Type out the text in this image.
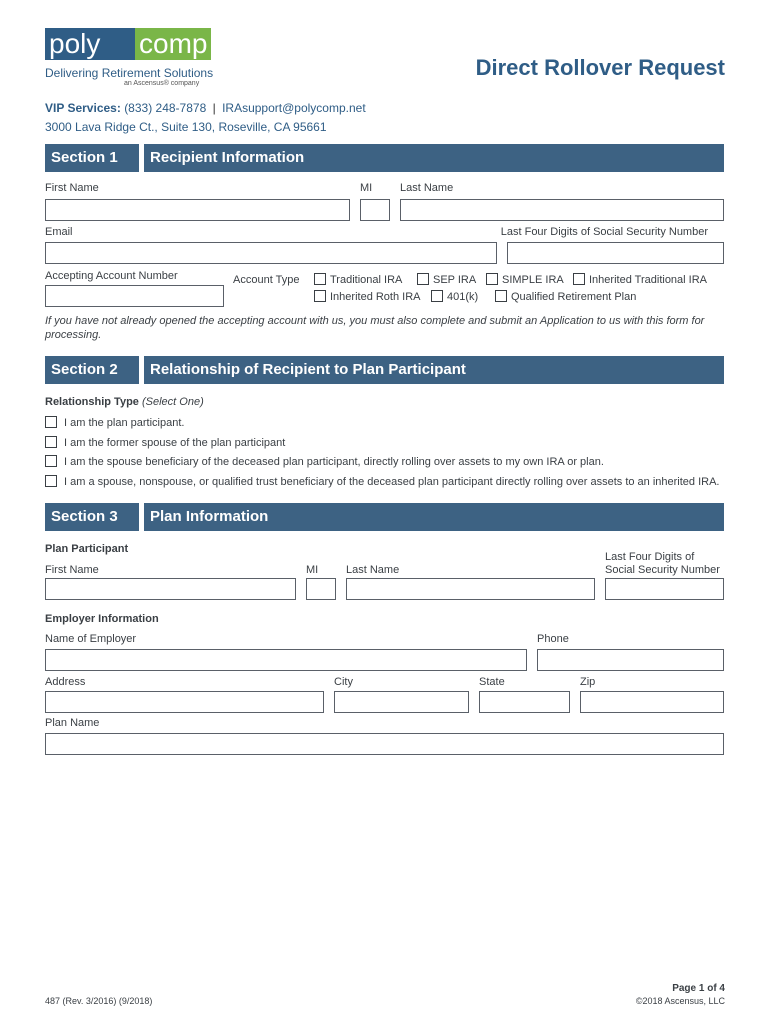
poly	comp
Delivering Retirement Solutions
an Ascensus® company
Direct Rollover Request
VIP Services: (833) 248-7878 | IRAsupport@polycomp.net
3000 Lava Ridge Ct., Suite 130, Roseville, CA 95661
Section 1	Recipient Information
First Name	MI	Last Name
Email	Last Four Digits of Social Security Number
Accepting Account Number	Account Type	Traditional IRA	SEP IRA SIMPLE IRA Inherited Traditional IRA
Inherited Roth IRA 401(k)	Qualified Retirement Plan
If you have not already opened the accepting account with us, you must also complete and submit an Application to us with this form for
processing.
Section 2	Relationship of Recipient to Plan Participant
Relationship Type (Select One)
I am the plan participant.
I am the former spouse of the plan participant
I am the spouse beneficiary of the deceased plan participant, directly rolling over assets to my own IRA or plan.
I am a spouse, nonspouse, or qualified trust beneficiary of the deceased plan participant directly rolling over assets to an inherited IRA.
Section 3	Plan Information
Plan Participant
First Name	MI	Last Name
Last Four Digits of
Social Security Number
Employer Information
Name of Employer	Phone
Address	City	State	Zip
Plan Name
487 (Rev. 3/2016) (9/2018)
Page 1 of 4
©2018 Ascensus, LLC
